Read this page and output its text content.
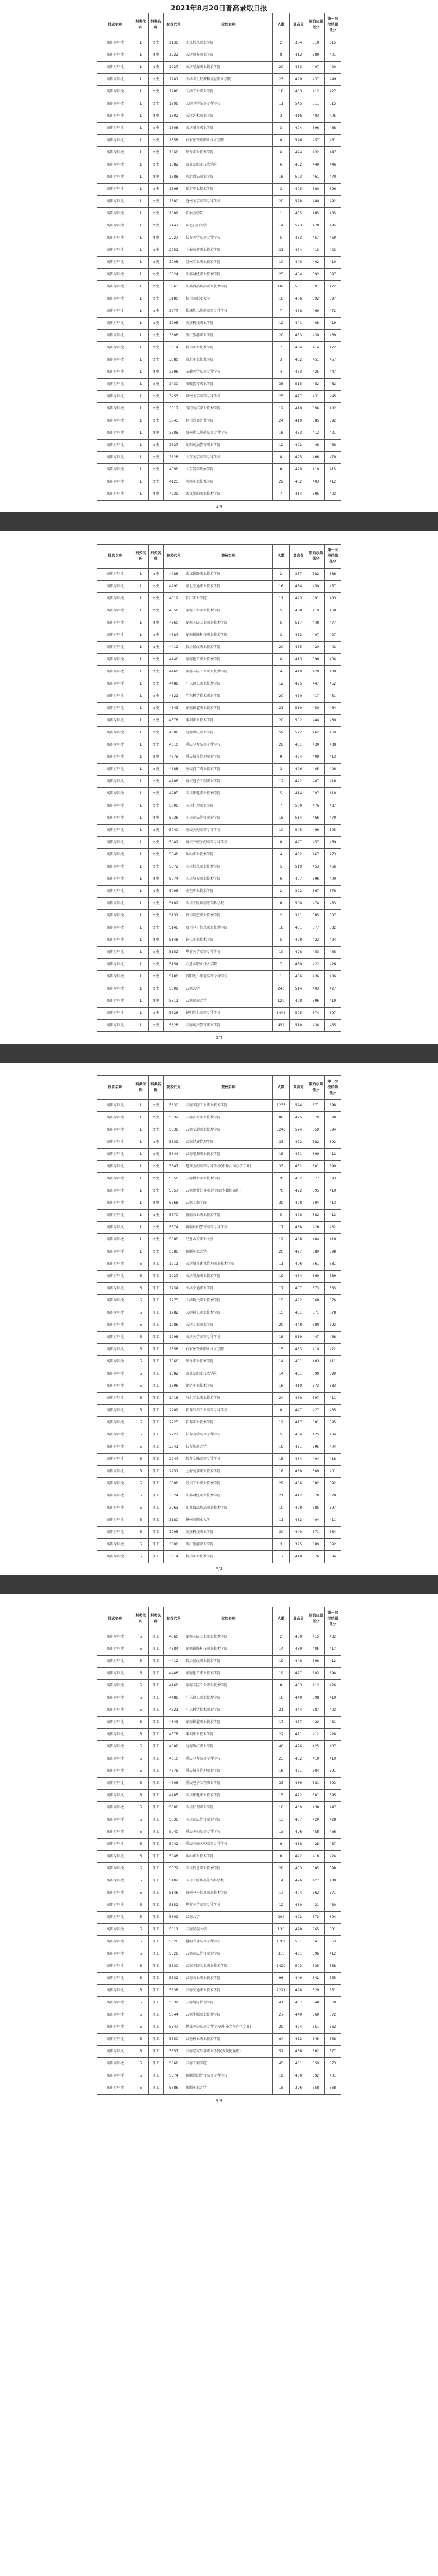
2021年8月20日普高录取日报
批次名称	科类代码	科类名称	院校代号	院校名称	人数	最高分	原始总最低分	第一次投档最低分
高职专科批	1	文史	1136	北京信息职业学院	2	364	310	315
高职专科批	1	文史	1222	天津商务职业学院	8	412	389	401
高职专科批	1	文史	1227	天津渤海职业技术学院	20	453	407	420
高职专科批	1	文史	1281	天津国土资源和房屋职业学院	23	499	437	449
高职专科批	1	文史	1286	天津工业职业学院	18	463	412	427
高职专科批	1	文史	1298	天津医学高等专科学校	11	545	511	515
高职专科批	1	文史	1302	天津艺术职业学院	3	416	403	405
高职专科批	1	文史	1308	天津城市职业学院	3	494	396	468
高职专科批	1	文史	1358	石家庄铁路职业技术学院	8	526	457	461
高职专科批	1	文史	1366	邢台职业技术学院	6	474	432	447
高职专科批	1	文史	1382	秦皇岛职业技术学院	6	452	440	446
高职专科批	1	文史	1388	河北政法职业学院	16	503	461	470
高职专科批	1	文史	1396	保定职业技术学院	3	405	380	396
高职专科批	1	文史	1580	沧州医学高等专科学校	20	528	480	492
高职专科批	1	文史	1609	长治医学院	1	485	485	485
高职专科批	1	文史	2147	东北石油大学	14	523	478	495
高职专科批	1	文史	2227	长春医学高等专科学校	5	483	457	460
高职专科批	1	文史	2251	上海海事职业技术学院	31	474	413	423
高职专科批	1	文史	3008	苏州工业职业技术学院	10	440	402	410
高职专科批	1	文史	3024	江苏财经职业技术学院	25	434	392	397
高职专科批	1	文史	3063	江苏食品药品职业技术学院	100	501	391	422
高职专科批	1	文史	3180	扬州市职业大学	10	406	392	397
高职专科批	1	文史	3277	盐城幼儿师范高等专科学校	7	478	469	472
高职专科批	1	文史	3295	南京科技职业学院	12	441	408	419
高职专科批	1	文史	3306	浙江旅游职业学院	20	463	430	439
高职专科批	1	文史	3314	杭州职业技术学院	7	434	414	422
高职专科批	1	文史	3380	淮北职业技术学院	3	462	451	457
高职专科批	1	文史	3396	安徽医学高等专科学校	4	463	425	447
高职专科批	1	文史	3430	安徽警官职业学院	38	515	452	462
高职专科批	1	文史	3453	泉州医学高等专科学校	25	477	431	445
高职专科批	1	文史	3517	厦门海洋职业技术学院	12	410	396	402
高职专科批	1	文史	3545	福州外语外贸学院	24	419	385	392
高职专科批	1	文史	3585	泉州幼儿师范高等专科学校	16	453	412	421
高职专科批	1	文史	3627	江西司法警官职业学院	12	492	448	458
高职专科批	1	文史	3828	山东医学高等专科学校	8	495	466	470
高职专科批	1	文史	4098	山东青年政治学院	8	429	410	415
高职专科批	1	文史	4125	河南职业技术学院	29	462	403	412
高职专科批	1	文史	4239	武汉船舶职业技术学院	7	414	395	402
1/4
批次名称	科类代码	科类名称	院校代号	院校名称	人数	最高分	原始总最低分	第一次投档最低分
高职专科批	1	文史	4286	武汉铁路职业技术学院	2	387	382	386
高职专科批	1	文史	4290	湖北交通职业技术学院	16	484	450	457
高职专科批	1	文史	4312	长江职业学院	11	423	391	403
高职专科批	1	文史	4358	湖南工业职业技术学院	5	488	419	468
高职专科批	1	文史	4360	湖南国防工业职业技术学院	5	517	448	477
高职专科批	1	文史	4384	湖南铁路科技职业技术学院	3	432	407	427
高职专科批	1	文史	4412	长沙民政职业技术学院	20	475	420	442
高职专科批	1	文史	4446	湖南化工职业技术学院	6	413	398	406
高职专科批	1	文史	4460	湖南国防工业职业技术学院	4	449	420	430
高职专科批	1	文史	4488	广东轻工职业技术学院	12	495	447	452
高职专科批	1	文史	4521	广东科学技术职业学院	20	470	417	431
高职专科批	1	文史	4543	湖南铁道职业技术学院	21	510	450	464
高职专科批	1	文史	4578	深圳职业技术学院	20	502	444	460
高职专科批	1	文史	4608	海南政法职业学院	59	522	462	469
高职专科批	1	文史	4610	重庆电力高等专科学校	26	461	430	438
高职专科批	1	文史	4675	重庆城市管理职业学院	9	424	409	413
高职专科批	1	文史	4688	重庆青年职业技术学院	3	406	405	406
高职专科批	1	文史	4706	重庆电子工程职业学院	12	442	407	416
高职专科批	1	文史	4785	四川邮电职业技术学院	5	414	397	410
高职专科批	1	文史	5006	四川护理职业学院	7	500	476	487
高职专科批	1	文史	5036	四川司法警官职业学院	15	514	466	470
高职专科批	1	文史	5040	重庆医药高等专科学校	10	545	496	505
高职专科批	1	文史	5042	重庆三峡医药高等专科学校	8	497	457	469
高职专科批	1	文史	5048	乐山职业技术学院	4	482	467	473
高职专科批	1	文史	5072	四川信息职业技术学院	5	519	453	466
高职专科批	1	文史	5074	四川航天职业技术学院	6	407	396	400
高职专科批	1	文史	5096	南充职业技术学院	2	392	367	376
高职专科批	1	文史	5102	四川中医药高等专科学校	6	500	474	483
高职专科批	1	文史	5131	贵州航空职业技术学院	2	391	385	387
高职专科批	1	文史	5146	贵州电子信息职业技术学院	18	401	377	382
高职专科批	1	文史	5148	铜仁职业技术学院	5	428	422	424
高职专科批	1	文史	5152	毕节医学高等专科学校	10	498	453	458
高职专科批	1	文史	5154	六盘水职业技术学院	7	430	422	426
高职专科批	1	文史	5180	贵阳幼儿师范高等专科学校	1	436	436	436
高职专科批	1	文史	5309	云南大学	240	514	403	427
高职专科批	1	文史	5311	云南民族大学	120	498	396	419
高职专科批	1	文史	5326	昆明冶金高等专科学校	1442	505	374	397
高职专科批	1	文史	5328	云南司法警官职业学院	452	510	434	455
2/4
批次名称	科类代码	科类名称	院校代号	院校名称	人数	最高分	原始总最低分	第一次投档最低分
高职专科批	1	文史	5330	云南国防工业职业技术学院	1235	524	371	398
高职专科批	1	文史	5332	云南农业职业技术学院	88	475	379	390
高职专科批	1	文史	5338	云南交通职业技术学院	3246	524	359	394
高职专科批	1	文史	5339	云南经济管理学院	33	472	382	392
高职专科批	1	文史	5344	云南能源职业技术学院	18	471	399	412
高职专科批	1	文史	5347	楚雄医药高等专科学校(中外合作办学专业)	33	452	381	390
高职专科批	1	文史	5350	云南林业职业技术学院	78	482	377	393
高职专科批	1	文史	5357	云南经贸外事职业学院(少数民族班)	70	492	395	410
高职专科批	1	文史	5368	云南工商学院	39	498	394	413
高职专科批	1	文史	5370	新疆农业职业技术学院	5	428	382	412
高职专科批	1	文史	5374	新疆兵团警官高等专科学校	17	458	426	432
高职专科批	1	文史	5380	乌鲁木齐职业大学	12	438	404	418
高职专科批	1	文史	5386	新疆职业大学	20	427	389	398
高职专科批	5	理工	1211	天津城市建设管理职业技术学院	11	406	361	381
高职专科批	5	理工	1227	天津渤海职业技术学院	19	434	369	389
高职专科批	5	理工	1234	天津交通职业学院	17	407	373	383
高职专科批	5	理工	1275	天津现代职业技术学院	15	402	368	376
高职专科批	5	理工	1282	天津轻工职业技术学院	15	431	371	378
高职专科批	5	理工	1286	天津工业职业学院	20	448	380	392
高职专科批	5	理工	1298	天津医学高等专科学校	18	519	447	468
高职专科批	5	理工	1358	石家庄铁路职业技术学院	15	463	410	422
高职专科批	5	理工	1366	邢台职业技术学院	14	451	403	411
高职专科批	5	理工	1382	秦皇岛职业技术学院	14	431	390	399
高职专科批	5	理工	1396	保定职业技术学院	16	410	372	383
高职专科批	5	理工	1416	河北工业职业技术学院	24	460	397	411
高职专科批	5	理工	2209	长春汽车工业高等专科学校	8	447	427	435
高职专科批	5	理工	2225	长春职业技术学院	12	417	381	395
高职专科批	5	理工	2227	长春医学高等专科学校	5	454	425	434
高职专科批	5	理工	2241	长春师范大学	19	431	395	404
高职专科批	5	理工	2244	长春金融高等专科学校	15	464	404	418
高职专科批	5	理工	2251	上海海事职业技术学院	18	430	389	401
高职专科批	5	理工	3008	苏州工业职业技术学院	29	436	382	392
高职专科批	5	理工	3024	江苏财经职业技术学院	21	412	370	378
高职专科批	5	理工	3063	江苏食品药品职业技术学院	10	428	385	397
高职专科批	5	理工	3180	扬州市职业大学	11	432	404	411
高职专科批	5	理工	3295	南京科技职业学院	30	440	371	384
高职专科批	5	理工	3306	浙江旅游职业学院	3	395	389	392
高职专科批	5	理工	3314	杭州职业技术学院	17	410	376	384
3/4
批次名称	科类代码	科类名称	院校代号	院校名称	人数	最高分	原始总最低分	第一次投档最低分
高职专科批	5	理工	4360	湖南国防工业职业技术学院	2	450	415	432
高职专科批	5	理工	4384	湖南铁路科技职业技术学院	14	439	405	417
高职专科批	5	理工	4412	长沙民政职业技术学院	19	448	398	412
高职专科批	5	理工	4446	湖南化工职业技术学院	19	427	383	394
高职专科批	5	理工	4460	湖南国防工业职业技术学院	8	453	412	426
高职专科批	5	理工	4488	广东轻工职业技术学院	16	440	398	410
高职专科批	5	理工	4521	广东科学技术职业学院	21	444	387	402
高职专科批	5	理工	4543	湖南铁道职业技术学院	17	467	420	431
高职专科批	5	理工	4578	深圳职业技术学院	22	471	412	428
高职专科批	5	理工	4608	海南政法职业学院	46	476	425	437
高职专科批	5	理工	4610	重庆电力高等专科学校	23	452	410	419
高职专科批	5	理工	4675	重庆城市管理职业学院	16	421	384	391
高职专科批	5	理工	4706	重庆电子工程职业学院	33	436	381	393
高职专科批	5	理工	4785	四川邮电职业技术学院	15	422	381	395
高职专科批	5	理工	5006	四川护理职业学院	10	469	438	447
高职专科批	5	理工	5036	四川司法警官职业学院	13	467	420	428
高职专科批	5	理工	5040	重庆医药高等专科学校	13	496	458	466
高职专科批	5	理工	5042	重庆三峡医药高等专科学校	9	458	428	437
高职专科批	5	理工	5048	乐山职业技术学院	6	442	416	424
高职专科批	5	理工	5072	四川信息职业技术学院	20	453	385	398
高职专科批	5	理工	5102	四川中医药高等专科学校	14	476	427	438
高职专科批	5	理工	5146	贵州电子信息职业技术学院	17	404	362	371
高职专科批	5	理工	5152	毕节医学高等专科学校	12	460	421	430
高职专科批	5	理工	5309	云南大学	202	492	372	394
高职专科批	5	理工	5311	云南民族大学	130	478	365	381
高职专科批	5	理工	5326	昆明冶金高等专科学校	1762	501	341	363
高职专科批	5	理工	5328	云南司法警官职业学院	310	481	396	412
高职专科批	5	理工	5330	云南国防工业职业技术学院	1420	503	335	358
高职专科批	5	理工	5332	云南农业职业技术学院	96	446	342	355
高职专科批	5	理工	5338	云南交通职业技术学院	2221	498	329	351
高职专科批	5	理工	5339	云南经济管理学院	41	437	348	360
高职专科批	5	理工	5344	云南能源职业技术学院	27	440	360	372
高职专科批	5	理工	5347	楚雄医药高等专科学校(中外合作办学专业)	29	424	351	362
高职专科批	5	理工	5350	云南林业职业技术学院	84	452	345	358
高职专科批	5	理工	5357	云南经贸外事职业学院(少数民族班)	52	456	362	377
高职专科批	5	理工	5368	云南工商学院	45	461	359	373
高职专科批	5	理工	5374	新疆兵团警官高等专科学校	19	430	392	401
高职专科批	5	理工	5386	新疆职业大学	15	396	358	368
4/4
